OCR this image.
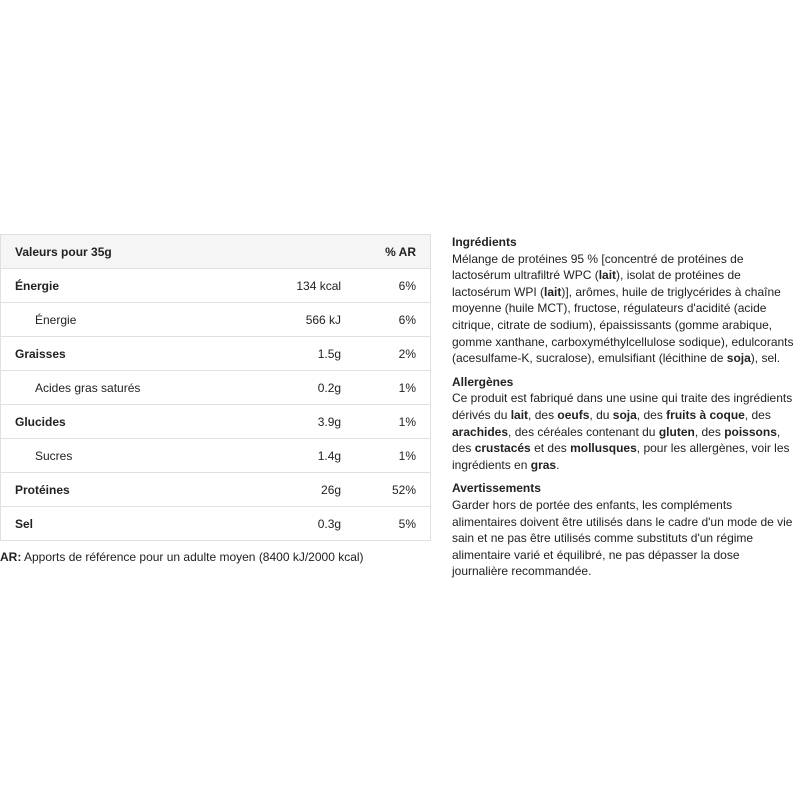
Valeurs pour 35g		% AR
Énergie	134 kcal	6%
Énergie	566 kJ	6%
Graisses	1.5g	2%
Acides gras saturés	0.2g	1%
Glucides	3.9g	1%
Sucres	1.4g	1%
Protéines	26g	52%
Sel	0.3g	5%
AR: Apports de référence pour un adulte moyen (8400 kJ/2000 kcal)
Ingrédients

Mélange de protéines 95 % [concentré de protéines de lactosérum ultrafiltré WPC (lait), isolat de protéines de lactosérum WPI (lait)], arômes, huile de triglycérides à chaîne moyenne (huile MCT), fructose, régulateurs d'acidité (acide citrique, citrate de sodium), épaississants (gomme arabique, gomme xanthane, carboxyméthylcellulose sodique), edulcorants (acesulfame-K, sucralose), emulsifiant (lécithine de soja), sel.

Allergènes

Ce produit est fabriqué dans une usine qui traite des ingrédients dérivés du lait, des oeufs, du soja, des fruits à coque, des arachides, des céréales contenant du gluten, des poissons, des crustacés et des mollusques, pour les allergènes, voir les ingrédients en gras.

Avertissements

Garder hors de portée des enfants, les compléments alimentaires doivent être utilisés dans le cadre d'un mode de vie sain et ne pas être utilisés comme substituts d'un régime alimentaire varié et équilibré, ne pas dépasser la dose journalière recommandée.
